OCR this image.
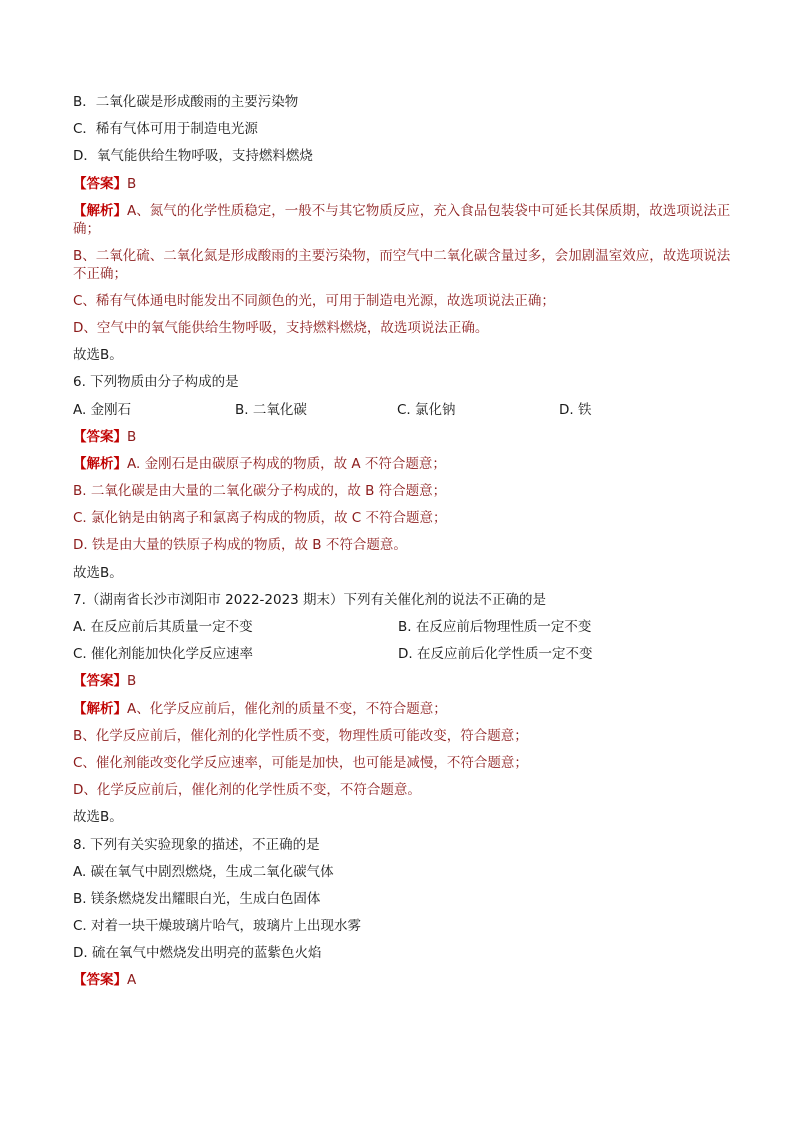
B．二氧化碳是形成酸雨的主要污染物
C．稀有气体可用于制造电光源
D．氧气能供给生物呼吸，支持燃料燃烧
【答案】B
【解析】A、氮气的化学性质稳定，一般不与其它物质反应，充入食品包装袋中可延长其保质期，故选项说法正确；
B、二氧化硫、二氧化氮是形成酸雨的主要污染物，而空气中二氧化碳含量过多，会加剧温室效应，故选项说法不正确；
C、稀有气体通电时能发出不同颜色的光，可用于制造电光源，故选项说法正确；
D、空气中的氧气能供给生物呼吸，支持燃料燃烧，故选项说法正确。
故选B。
6. 下列物质由分子构成的是
A. 金刚石	B. 二氧化碳	C. 氯化钠	D. 铁
【答案】B
【解析】A. 金刚石是由碳原子构成的物质，故 A 不符合题意；
B. 二氧化碳是由大量的二氧化碳分子构成的，故 B 符合题意；
C. 氯化钠是由钠离子和氯离子构成的物质，故 C 不符合题意；
D. 铁是由大量的铁原子构成的物质，故 B 不符合题意。
故选B。
7.（湖南省长沙市浏阳市 2022-2023 期末）下列有关催化剂的说法不正确的是
A. 在反应前后其质量一定不变	B. 在反应前后物理性质一定不变
C. 催化剂能加快化学反应速率	D. 在反应前后化学性质一定不变
【答案】B
【解析】A、化学反应前后，催化剂的质量不变，不符合题意；
B、化学反应前后，催化剂的化学性质不变，物理性质可能改变，符合题意；
C、催化剂能改变化学反应速率，可能是加快，也可能是减慢，不符合题意；
D、化学反应前后，催化剂的化学性质不变，不符合题意。
故选B。
8. 下列有关实验现象的描述，不正确的是
A. 碳在氧气中剧烈燃烧，生成二氧化碳气体
B. 镁条燃烧发出耀眼白光，生成白色固体
C. 对着一块干燥玻璃片哈气，玻璃片上出现水雾
D. 硫在氧气中燃烧发出明亮的蓝紫色火焰
【答案】A
